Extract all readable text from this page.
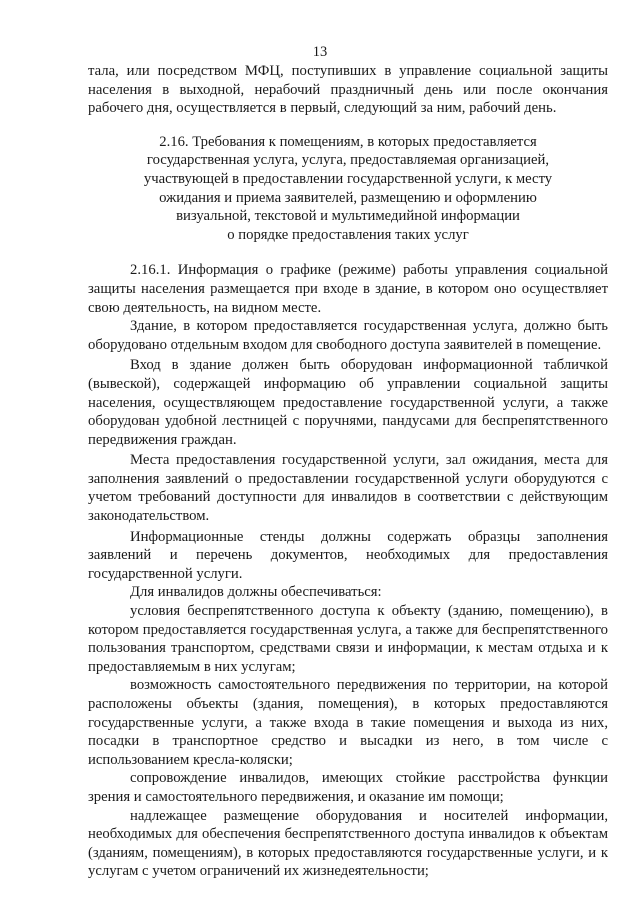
13

тала, или посредством МФЦ, поступивших в управление социальной защиты населения в выходной, нерабочий праздничный день или после окончания рабочего дня, осуществляется в первый, следующий за ним, рабочий день.

2.16. Требования к помещениям, в которых предоставляется
государственная услуга, услуга, предоставляемая организацией,
участвующей в предоставлении государственной услуги, к месту
ожидания и приема заявителей, размещению и оформлению
визуальной, текстовой и мультимедийной информации
о порядке предоставления таких услуг

2.16.1. Информация о графике (режиме) работы управления социальной защиты населения размещается при входе в здание, в котором оно осуществляет свою деятельность, на видном месте.

Здание, в котором предоставляется государственная услуга, должно быть оборудовано отдельным входом для свободного доступа заявителей в помещение.

Вход в здание должен быть оборудован информационной табличкой (вывеской), содержащей информацию об управлении социальной защиты населения, осуществляющем предоставление государственной услуги, а также оборудован удобной лестницей с поручнями, пандусами для беспрепятственного передвижения граждан.

Места предоставления государственной услуги, зал ожидания, места для заполнения заявлений о предоставлении государственной услуги оборудуются с учетом требований доступности для инвалидов в соответствии с действующим законодательством.

Информационные стенды должны содержать образцы заполнения заявлений и перечень документов, необходимых для предоставления государственной услуги.

Для инвалидов должны обеспечиваться:

условия беспрепятственного доступа к объекту (зданию, помещению), в котором предоставляется государственная услуга, а также для беспрепятственного пользования транспортом, средствами связи и информации, к местам отдыха и к предоставляемым в них услугам;

возможность самостоятельного передвижения по территории, на которой расположены объекты (здания, помещения), в которых предоставляются государственные услуги, а также входа в такие помещения и выхода из них, посадки в транспортное средство и высадки из него, в том числе с использованием кресла-коляски;

сопровождение инвалидов, имеющих стойкие расстройства функции зрения и самостоятельного передвижения, и оказание им помощи;

надлежащее размещение оборудования и носителей информации, необходимых для обеспечения беспрепятственного доступа инвалидов к объектам (зданиям, помещениям), в которых предоставляются государственные услуги, и к услугам с учетом ограничений их жизнедеятельности;
